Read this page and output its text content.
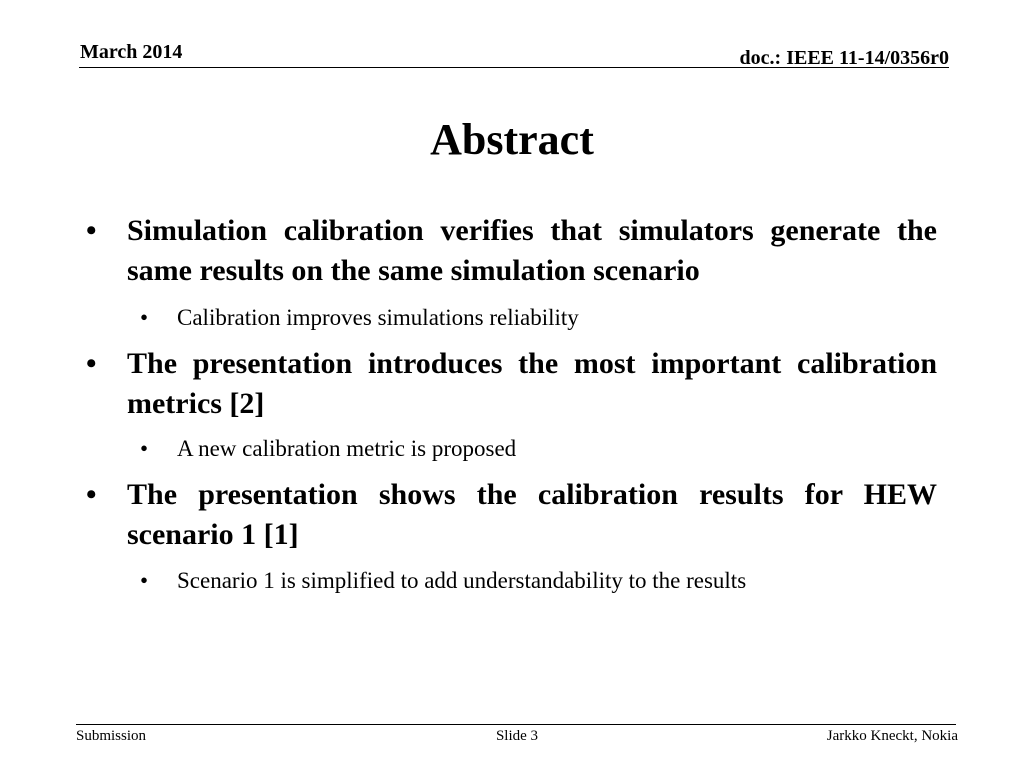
March 2014	doc.: IEEE 11-14/0356r0
Abstract
• Simulation calibration verifies that simulators generate the same results on the same simulation scenario
• Calibration improves simulations reliability
• The presentation introduces the most important calibration metrics [2]
• A new calibration metric is proposed
• The presentation shows the calibration results for HEW scenario 1 [1]
• Scenario 1 is simplified to add understandability to the results
Submission	Slide 3	Jarkko Kneckt, Nokia
